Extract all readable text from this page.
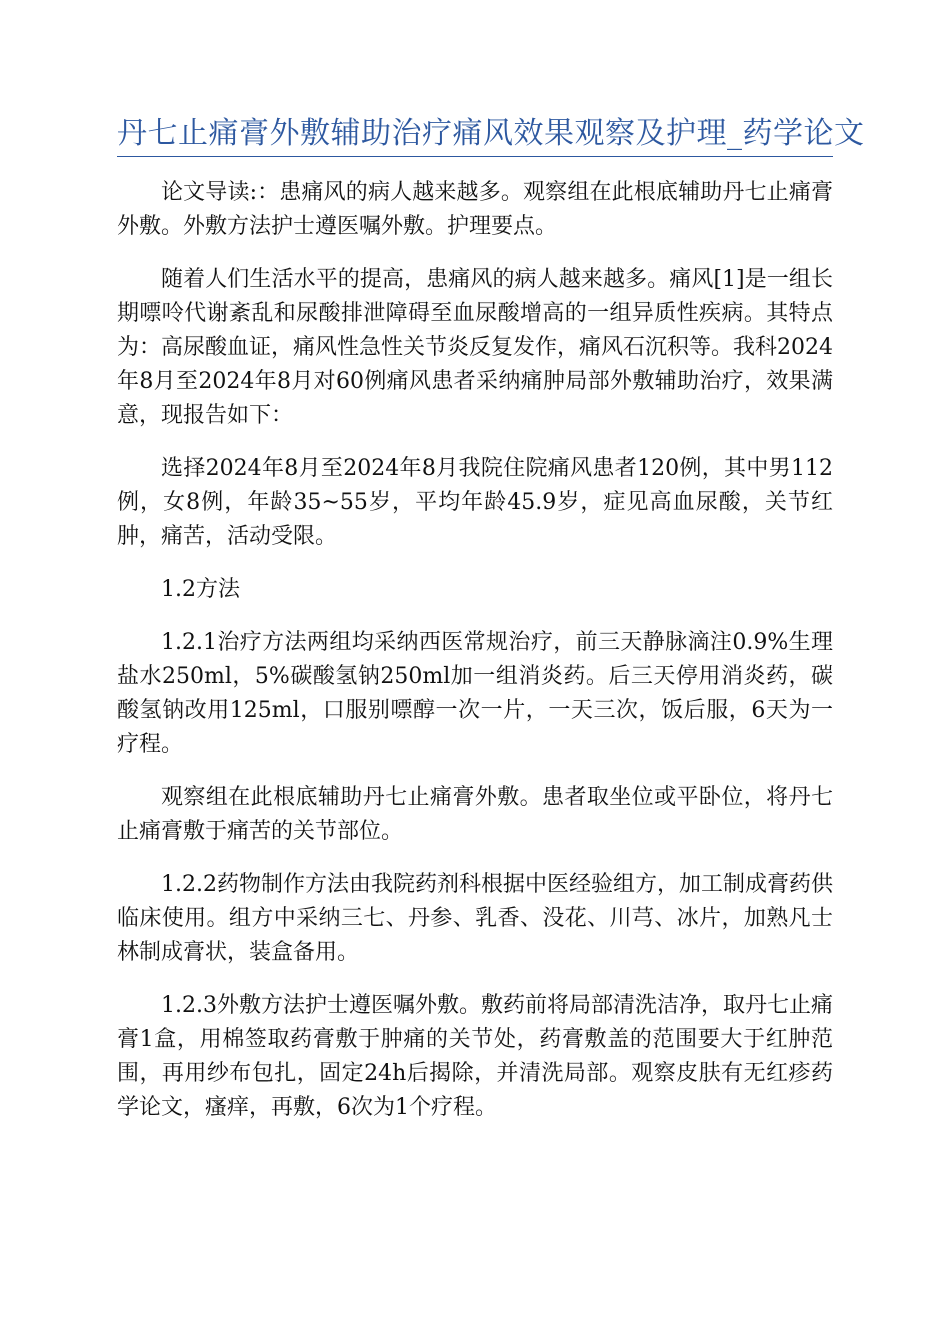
丹七止痛膏外敷辅助治疗痛风效果观察及护理_药学论文

论文导读:：患痛风的病人越来越多。观察组在此根底辅助丹七止痛膏外敷。外敷方法护士遵医嘱外敷。护理要点。

随着人们生活水平的提高，患痛风的病人越来越多。痛风[1]是一组长期嘌呤代谢紊乱和尿酸排泄障碍至血尿酸增高的一组异质性疾病。其特点为：高尿酸血证，痛风性急性关节炎反复发作，痛风石沉积等。我科2024年8月至2024年8月对60例痛风患者采纳痛肿局部外敷辅助治疗，效果满意，现报告如下：

选择2024年8月至2024年8月我院住院痛风患者120例，其中男112例，女8例，年龄35~55岁，平均年龄45.9岁，症见高血尿酸，关节红肿，痛苦，活动受限。

1.2方法

1.2.1治疗方法两组均采纳西医常规治疗，前三天静脉滴注0.9%生理盐水250ml，5%碳酸氢钠250ml加一组消炎药。后三天停用消炎药，碳酸氢钠改用125ml，口服别嘌醇一次一片，一天三次，饭后服，6天为一疗程。

观察组在此根底辅助丹七止痛膏外敷。患者取坐位或平卧位，将丹七止痛膏敷于痛苦的关节部位。

1.2.2药物制作方法由我院药剂科根据中医经验组方，加工制成膏药供临床使用。组方中采纳三七、丹参、乳香、没花、川芎、冰片，加熟凡士林制成膏状，装盒备用。

1.2.3外敷方法护士遵医嘱外敷。敷药前将局部清洗洁净，取丹七止痛膏1盒，用棉签取药膏敷于肿痛的关节处，药膏敷盖的范围要大于红肿范围，再用纱布包扎，固定24h后揭除，并清洗局部。观察皮肤有无红疹药学论文，瘙痒，再敷，6次为1个疗程。
